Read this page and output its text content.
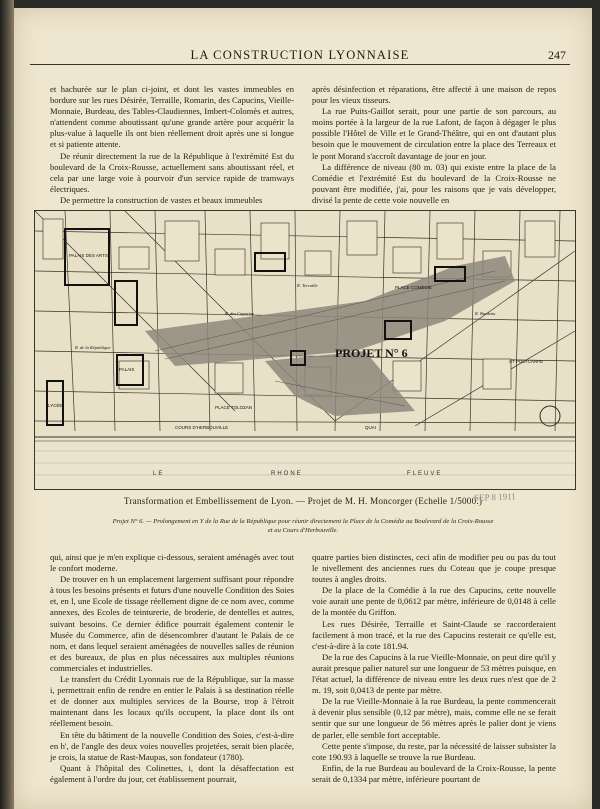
LA CONSTRUCTION LYONNAISE	247

et hachurée sur le plan ci-joint, et dont les vastes immeubles en bordure sur les rues Désirée, Terraille, Romarin, des Capucins, Vieille-Monnaie, Burdeau, des Tables-Claudiennes, Imbert-Colomès et autres, n'attendent comme aboutissant qu'une grande artère pour acquérir la plus-value à laquelle ils ont bien réellement droit après une si longue et si patiente attente.

De réunir directement la rue de la République à l'extrémité Est du boulevard de la Croix-Rousse, actuellement sans aboutissant réel, et cela par une large voie à pourvoir d'un service rapide de tramways électriques.

De permettre la construction de vastes et beaux immeubles

après désinfection et réparations, être affecté à une maison de repos pour les vieux tisseurs.

La rue Puits-Gaillot serait, pour une partie de son parcours, au moins portée à la largeur de la rue Lafont, de façon à dégager le plus possible l'Hôtel de Ville et le Grand-Théâtre, qui en ont d'autant plus besoin que le mouvement de circulation entre la place des Terreaux et le pont Morand s'accroît davantage de jour en jour.

La différence de niveau (80 m. 03) qui existe entre la place de la Comédie et l'extrémité Est du boulevard de la Croix-Rousse ne pouvant être modifiée, j'ai, pour les raisons que je vais développer, divisé la pente de cette voie nouvelle en

PROJET N° 6
LE	RHONE	FLEUVE
PLACE COMÉDIE
PALAIS DES ARTS
PALAIS
LYCÉE	PLACE TOLOZAN
R. de la République
ST POLYCARPE
COURS D'HERBOUVILLE	QUAI
R. des Capucins	R. Burdeau
R. Terraille
Transformation et Embellissement de Lyon. — Projet de M. H. Moncorger (Echelle 1/5000.)
SEP 8 1911
Projet N° 6. — Prolongement en Y de la Rue de la République pour réunir directement la Place de la Comédie au Boulevard de la Croix-Rousse
et au Cours d'Herbouville.

qui, ainsi que je m'en explique ci-dessous, seraient aménagés avec tout le confort moderne.

De trouver en h un emplacement largement suffisant pour répondre à tous les besoins présents et futurs d'une nouvelle Condition des Soies et, en l, une Ecole de tissage réellement digne de ce nom avec, comme annexes, des Ecoles de teinturerie, de broderie, de dentelles et autres, suivant besoins. Ce dernier édifice pourrait également contenir le Musée du Commerce, afin de désencombrer d'autant le Palais de ce nom, et dans lequel seraient aménagées de nouvelles salles de réunion et des bureaux, de plus en plus nécessaires aux multiples réunions commerciales et industrielles.

Le transfert du Crédit Lyonnais rue de la République, sur la masse i, permettrait enfin de rendre en entier le Palais à sa destination réelle et de donner aux multiples services de la Bourse, trop à l'étroit maintenant dans les locaux qu'ils occupent, la place dont ils ont réellement besoin.

En tête du bâtiment de la nouvelle Condition des Soies, c'est-à-dire en h', de l'angle des deux voies nouvelles projetées, serait bien placée, je crois, la statue de Rast-Maupas, son fondateur (1780).

Quant à l'hôpital des Colinettes, i, dont la désaffectation est également à l'ordre du jour, cet établissement pourrait,

quatre parties bien distinctes, ceci afin de modifier peu ou pas du tout le nivellement des anciennes rues du Coteau que je coupe presque toutes à angles droits.

De la place de la Comédie à la rue des Capucins, cette nouvelle voie aurait une pente de 0,0612 par mètre, inférieure de 0,0148 à celle de la montée du Griffon.

Les rues Désirée, Terraille et Saint-Claude se raccorderaient facilement à mon tracé, et la rue des Capucins resterait ce qu'elle est, c'est-à-dire à la cote 181.94.

De la rue des Capucins à la rue Vieille-Monnaie, on peut dire qu'il y aurait presque palier naturel sur une longueur de 53 mètres puisque, en l'état actuel, la différence de niveau entre les deux rues n'est que de 2 m. 19, soit 0,0413 de pente par mètre.

De la rue Vieille-Monnaie à la rue Burdeau, la pente commencerait à devenir plus sensible (0,12 par mètre), mais, comme elle ne se ferait sentir que sur une longueur de 56 mètres après le palier dont je viens de parler, elle semble fort acceptable.

Cette pente s'impose, du reste, par la nécessité de laisser subsister la cote 190.93 à laquelle se trouve la rue Burdeau.

Enfin, de la rue Burdeau au boulevard de la Croix-Rousse, la pente serait de 0,1334 par mètre, inférieure pourtant de
